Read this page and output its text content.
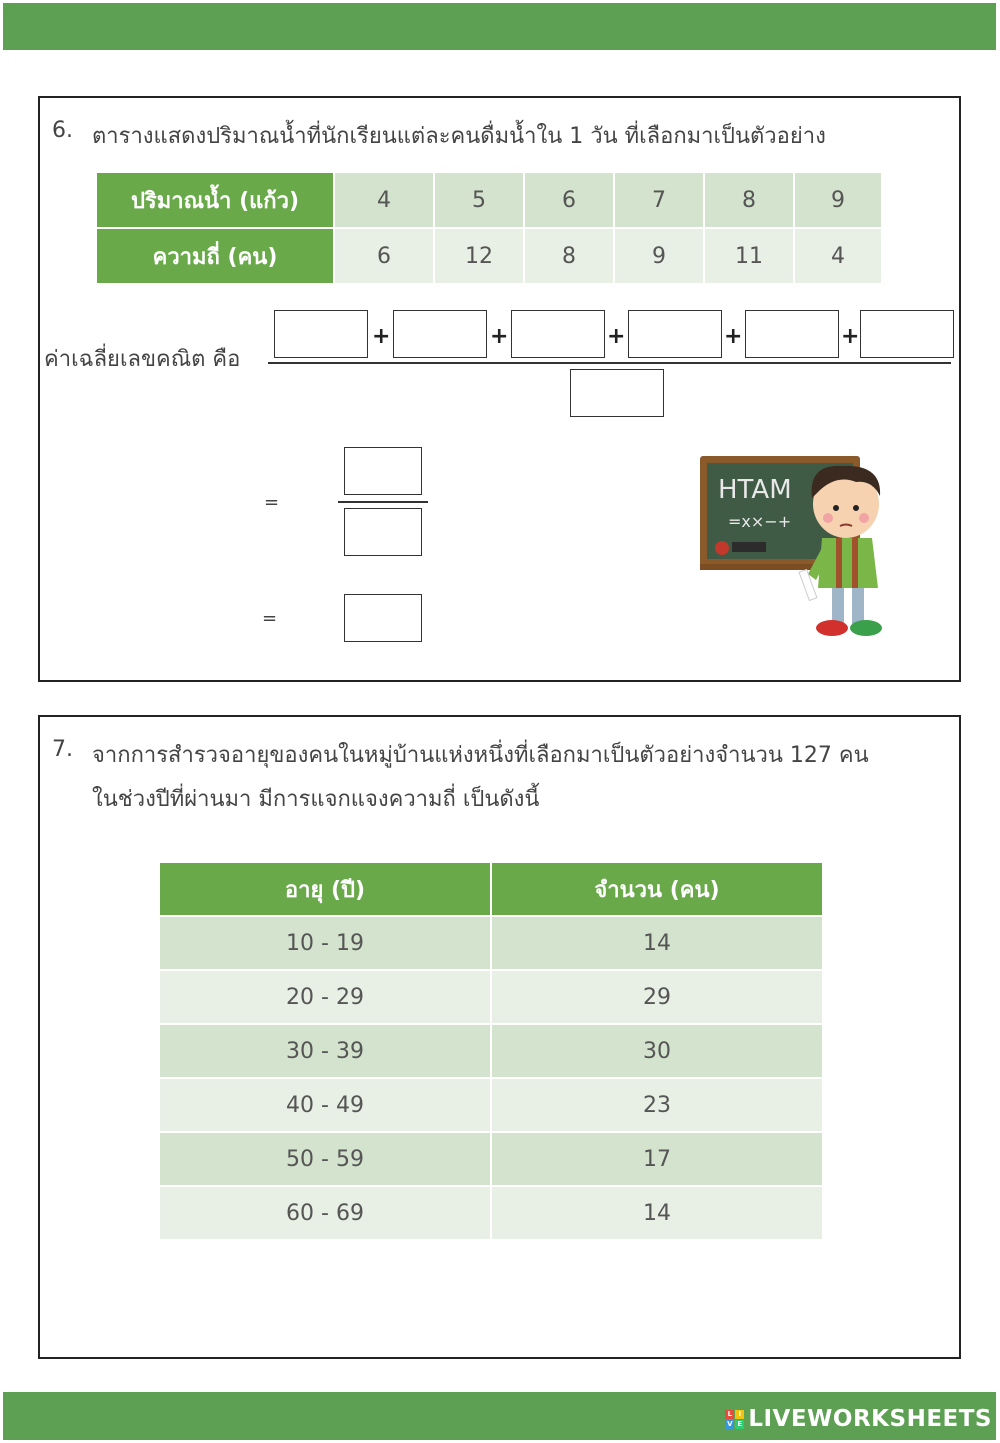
6. ตารางแสดงปริมาณน้ำที่นักเรียนแต่ละคนดื่มน้ำใน 1 วัน ที่เลือกมาเป็นตัวอย่าง
ปริมาณน้ำ (แก้ว)	4	5	6	7	8	9
ความถี่ (คน)	6	12	8	9	11	4
ค่าเฉลี่ยเลขคณิต คือ
+	+	+	+	+
=
=
HTAM
=x×−+
7. จากการสำรวจอายุของคนในหมู่บ้านแห่งหนึ่งที่เลือกมาเป็นตัวอย่างจำนวน 127 คน
ในช่วงปีที่ผ่านมา มีการแจกแจงความถี่ เป็นดังนี้
อายุ (ปี)	จำนวน (คน)
10 - 19	14
20 - 29	29
30 - 39	30
40 - 49	23
50 - 59	17
60 - 69	14
L I
V E LIVEWORKSHEETS
